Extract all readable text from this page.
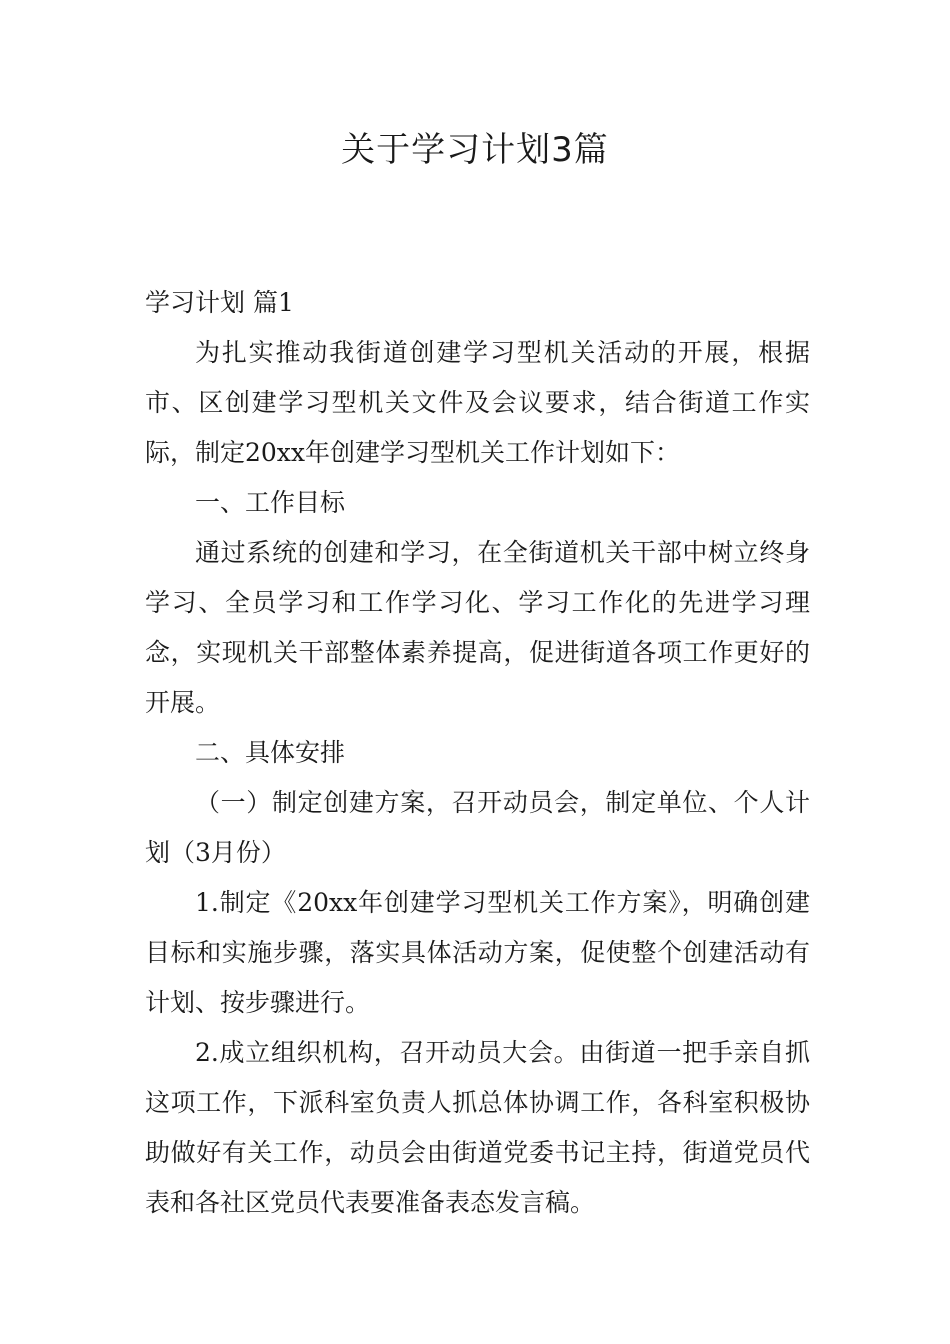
关于学习计划3篇

学习计划 篇1

为扎实推动我街道创建学习型机关活动的开展，根据市、区创建学习型机关文件及会议要求，结合街道工作实际，制定20xx年创建学习型机关工作计划如下：

一、工作目标

通过系统的创建和学习，在全街道机关干部中树立终身学习、全员学习和工作学习化、学习工作化的先进学习理念，实现机关干部整体素养提高，促进街道各项工作更好的开展。

二、具体安排

（一）制定创建方案，召开动员会，制定单位、个人计划（3月份）

1.制定《20xx年创建学习型机关工作方案》，明确创建目标和实施步骤，落实具体活动方案，促使整个创建活动有计划、按步骤进行。

2.成立组织机构，召开动员大会。由街道一把手亲自抓这项工作，下派科室负责人抓总体协调工作，各科室积极协助做好有关工作，动员会由街道党委书记主持，街道党员代表和各社区党员代表要准备表态发言稿。
